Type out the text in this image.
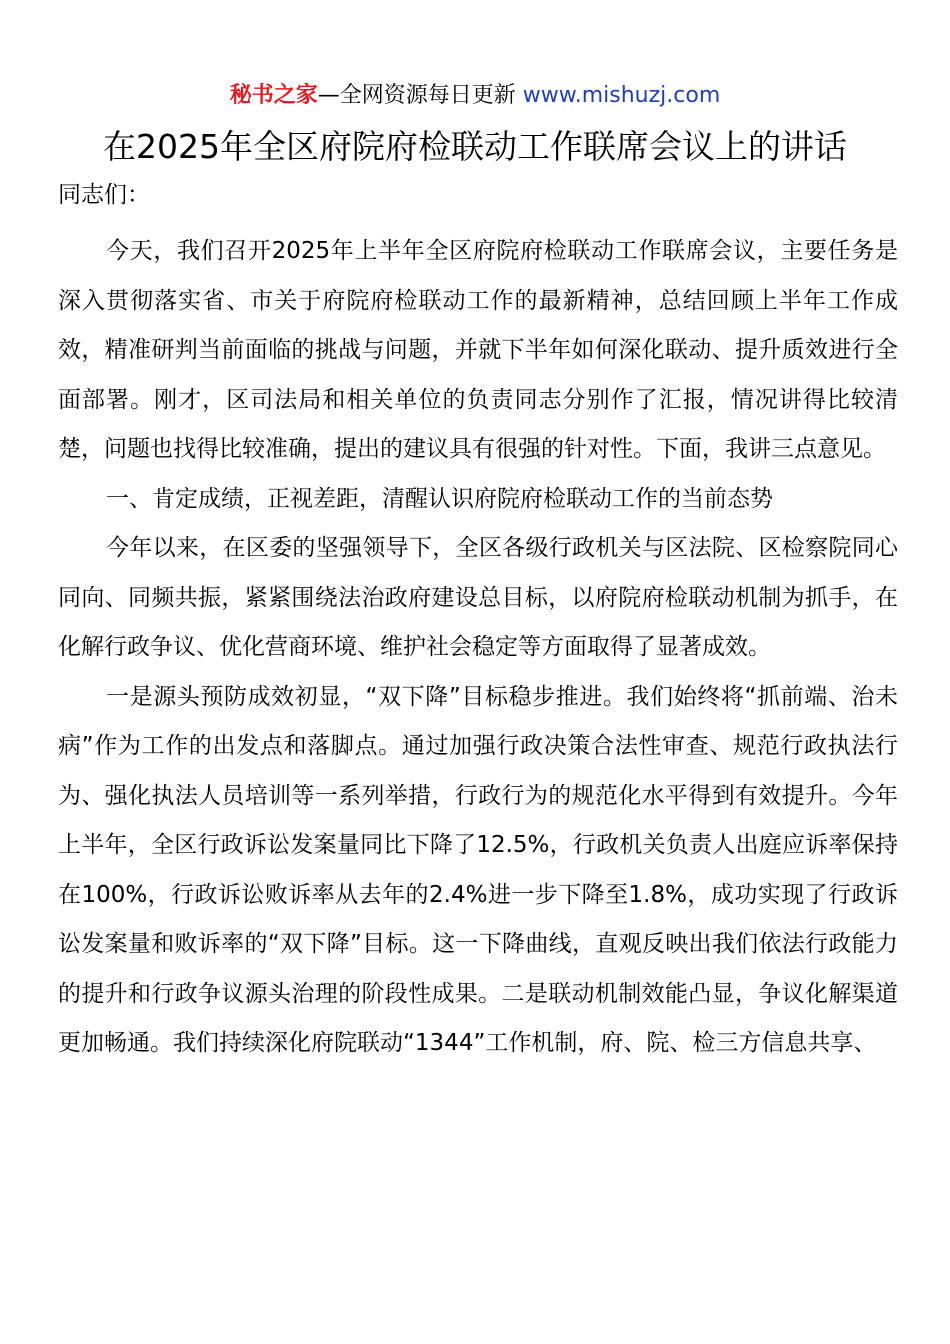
秘书之家—全网资源每日更新 www.mishuzj.com
在2025年全区府院府检联动工作联席会议上的讲话

同志们：

今天，我们召开2025年上半年全区府院府检联动工作联席会议，主要任务是深入贯彻落实省、市关于府院府检联动工作的最新精神，总结回顾上半年工作成效，精准研判当前面临的挑战与问题，并就下半年如何深化联动、提升质效进行全面部署。刚才，区司法局和相关单位的负责同志分别作了汇报，情况讲得比较清楚，问题也找得比较准确，提出的建议具有很强的针对性。下面，我讲三点意见。

一、肯定成绩，正视差距，清醒认识府院府检联动工作的当前态势

今年以来，在区委的坚强领导下，全区各级行政机关与区法院、区检察院同心同向、同频共振，紧紧围绕法治政府建设总目标，以府院府检联动机制为抓手，在化解行政争议、优化营商环境、维护社会稳定等方面取得了显著成效。

一是源头预防成效初显，“双下降”目标稳步推进。我们始终将“抓前端、治未病”作为工作的出发点和落脚点。通过加强行政决策合法性审查、规范行政执法行为、强化执法人员培训等一系列举措，行政行为的规范化水平得到有效提升。今年上半年，全区行政诉讼发案量同比下降了12.5%，行政机关负责人出庭应诉率保持在100%，行政诉讼败诉率从去年的2.4%进一步下降至1.8%，成功实现了行政诉讼发案量和败诉率的“双下降”目标。这一下降曲线，直观反映出我们依法行政能力的提升和行政争议源头治理的阶段性成果。二是联动机制效能凸显，争议化解渠道更加畅通。我们持续深化府院联动“1344”工作机制，府、院、检三方信息共享、
